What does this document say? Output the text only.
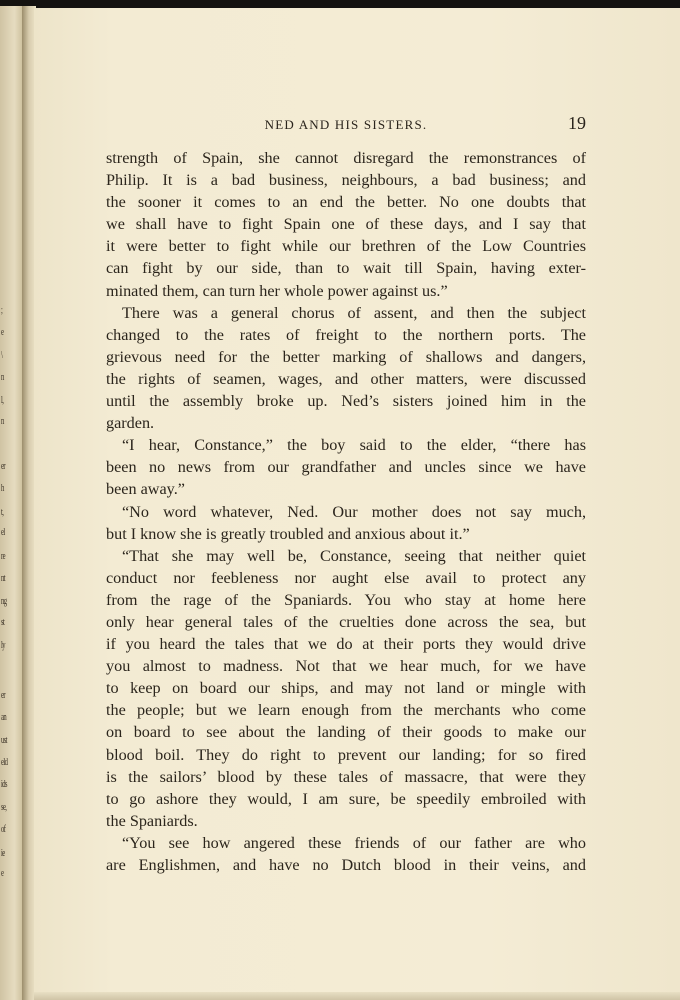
;
e
\
n
l,
n
er
h
t,
el
re
nt
ng
st
ly
er
an
ust
eld
ids
se,
of
ie
e
NED AND HIS SISTERS.	19
strength of Spain, she cannot disregard the remonstrances of
Philip. It is a bad business, neighbours, a bad business; and
the sooner it comes to an end the better. No one doubts that
we shall have to fight Spain one of these days, and I say that
it were better to fight while our brethren of the Low Countries
can fight by our side, than to wait till Spain, having exter-
minated them, can turn her whole power against us.”
There was a general chorus of assent, and then the subject
changed to the rates of freight to the northern ports. The
grievous need for the better marking of shallows and dangers,
the rights of seamen, wages, and other matters, were discussed
until the assembly broke up. Ned’s sisters joined him in the
garden.
“I hear, Constance,” the boy said to the elder, “there has
been no news from our grandfather and uncles since we have
been away.”
“No word whatever, Ned. Our mother does not say much,
but I know she is greatly troubled and anxious about it.”
“That she may well be, Constance, seeing that neither quiet
conduct nor feebleness nor aught else avail to protect any
from the rage of the Spaniards. You who stay at home here
only hear general tales of the cruelties done across the sea, but
if you heard the tales that we do at their ports they would drive
you almost to madness. Not that we hear much, for we have
to keep on board our ships, and may not land or mingle with
the people; but we learn enough from the merchants who come
on board to see about the landing of their goods to make our
blood boil. They do right to prevent our landing; for so fired
is the sailors’ blood by these tales of massacre, that were they
to go ashore they would, I am sure, be speedily embroiled with
the Spaniards.
“You see how angered these friends of our father are who
are Englishmen, and have no Dutch blood in their veins, and
